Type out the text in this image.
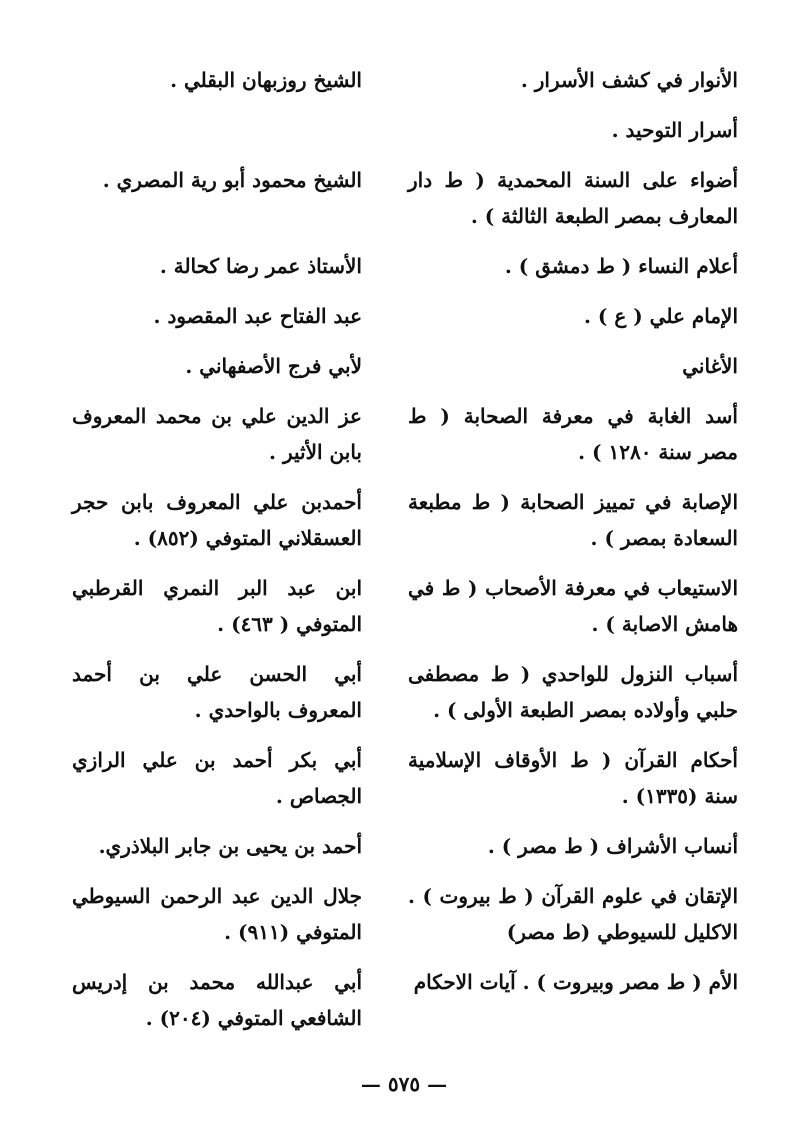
الأنوار في كشف الأسرار .
الشيخ روزبهان البقلي .
أسرار التوحيد .
أضواء على السنة المحمدية ( ط دار المعارف بمصر الطبعة الثالثة ) .
الشيخ محمود أبو رية المصري .
أعلام النساء ( ط دمشق ) .
الأستاذ عمر رضا كحالة .
الإمام علي ( ع ) .
عبد الفتاح عبد المقصود .
الأغاني
لأبي فرج الأصفهاني .
أسد الغابة في معرفة الصحابة ( ط مصر سنة ١٢٨٠ ) .
عز الدين علي بن محمد المعروف بابن الأثير .
الإصابة في تمييز الصحابة ( ط مطبعة السعادة بمصر ) .
أحمدبن علي المعروف بابن حجر العسقلاني المتوفي (٨٥٢) .
الاستيعاب في معرفة الأصحاب ( ط في هامش الاصابة ) .
ابن عبد البر النمري القرطبي المتوفي ( ٤٦٣) .
أسباب النزول للواحدي ( ط مصطفى حلبي وأولاده بمصر الطبعة الأولى ) .
أبي الحسن علي بن أحمد المعروف بالواحدي .
أحكام القرآن ( ط الأوقاف الإسلامية سنة (١٣٣٥) .
أبي بكر أحمد بن علي الرازي الجصاص .
أنساب الأشراف ( ط مصر ) .
أحمد بن يحيى بن جابر البلاذري.
الإتقان في علوم القرآن ( ط بيروت ) . الاكليل للسيوطي (ط مصر)
جلال الدين عبد الرحمن السيوطي المتوفي (٩١١) .
الأم ( ط مصر وبيروت ) . آيات الاحكام
أبي عبدالله محمد بن إدريس الشافعي المتوفي (٢٠٤) .
— ٥٧٥ —
